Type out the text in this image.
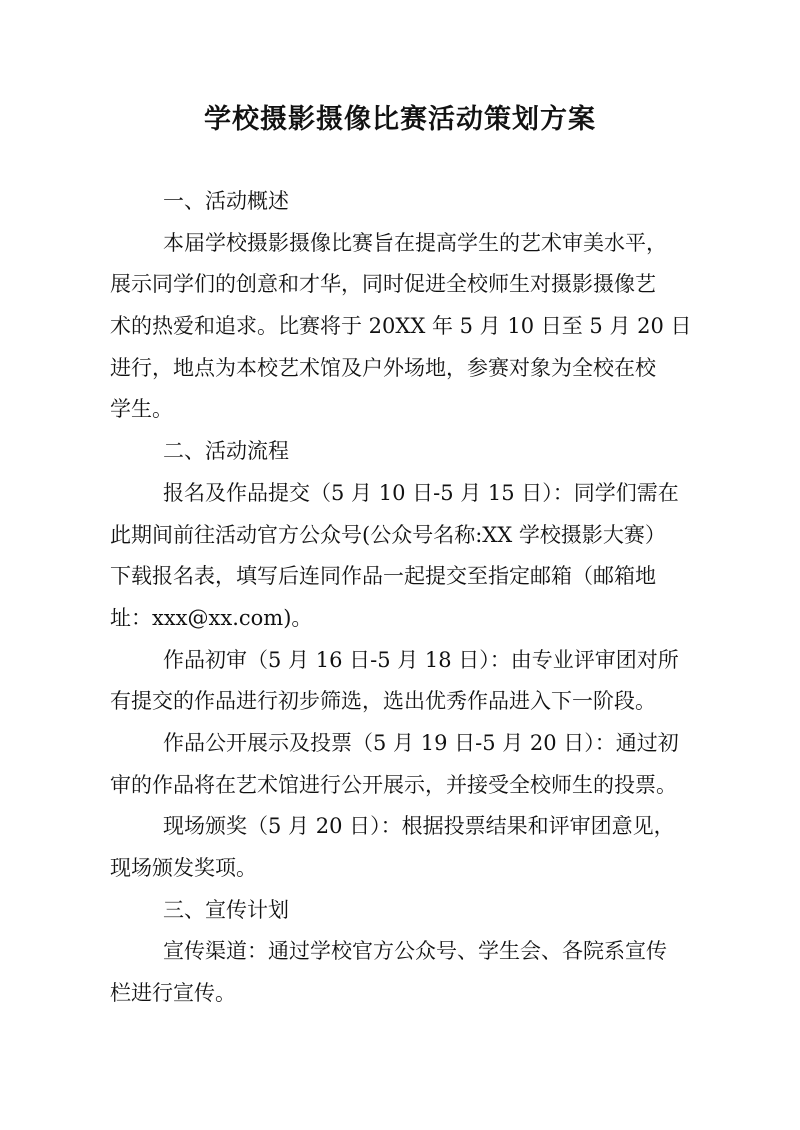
学校摄影摄像比赛活动策划方案
一、活动概述
本届学校摄影摄像比赛旨在提高学生的艺术审美水平，
展示同学们的创意和才华，同时促进全校师生对摄影摄像艺
术的热爱和追求。比赛将于 20XX 年 5 月 10 日至 5 月 20 日
进行，地点为本校艺术馆及户外场地，参赛对象为全校在校
学生。
二、活动流程
报名及作品提交（5 月 10 日-5 月 15 日）：同学们需在
此期间前往活动官方公众号(公众号名称:XX 学校摄影大赛）
下载报名表，填写后连同作品一起提交至指定邮箱（邮箱地
址：xxx@xx.com)。
作品初审（5 月 16 日-5 月 18 日）：由专业评审团对所
有提交的作品进行初步筛选，选出优秀作品进入下一阶段。
作品公开展示及投票（5 月 19 日-5 月 20 日）：通过初
审的作品将在艺术馆进行公开展示，并接受全校师生的投票。
现场颁奖（5 月 20 日）：根据投票结果和评审团意见，
现场颁发奖项。
三、宣传计划
宣传渠道：通过学校官方公众号、学生会、各院系宣传
栏进行宣传。
